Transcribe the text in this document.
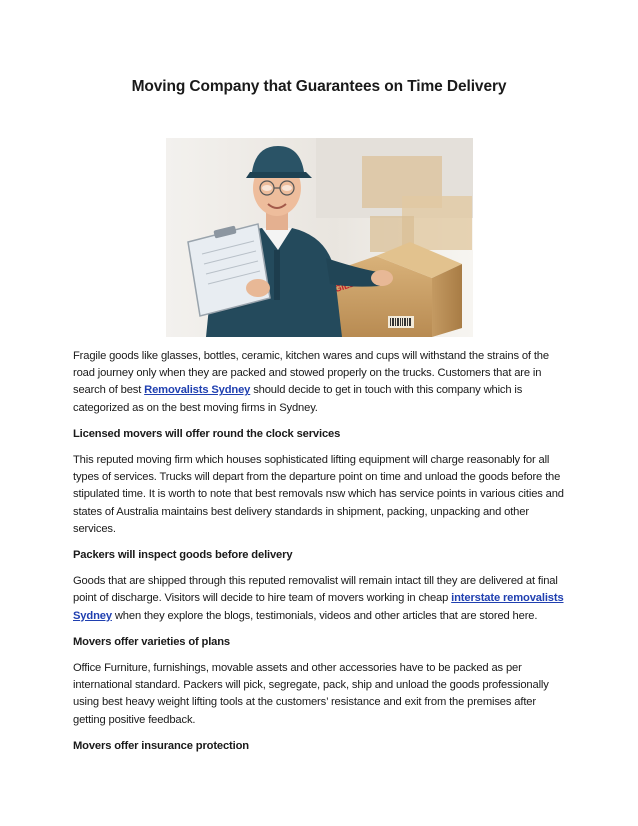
Moving Company that Guarantees on Time Delivery

Fragile goods like glasses, bottles, ceramic, kitchen wares and cups will withstand the strains of the road journey only when they are packed and stowed properly on the trucks. Customers that are in search of best Removalists Sydney should decide to get in touch with this company which is categorized as on the best moving firms in Sydney.

Licensed movers will offer round the clock services

This reputed moving firm which houses sophisticated lifting equipment will charge reasonably for all types of services. Trucks will depart from the departure point on time and unload the goods before the stipulated time. It is worth to note that best removals nsw which has service points in various cities and states of Australia maintains best delivery standards in shipment, packing, unpacking and other services.

Packers will inspect goods before delivery

Goods that are shipped through this reputed removalist will remain intact till they are delivered at final point of discharge. Visitors will decide to hire team of movers working in cheap interstate removalists Sydney when they explore the blogs, testimonials, videos and other articles that are stored here.

Movers offer varieties of plans

Office Furniture, furnishings, movable assets and other accessories have to be packed as per international standard. Packers will pick, segregate, pack, ship and unload the goods professionally using best heavy weight lifting tools at the customers’ resistance and exit from the premises after getting positive feedback.

Movers offer insurance protection
